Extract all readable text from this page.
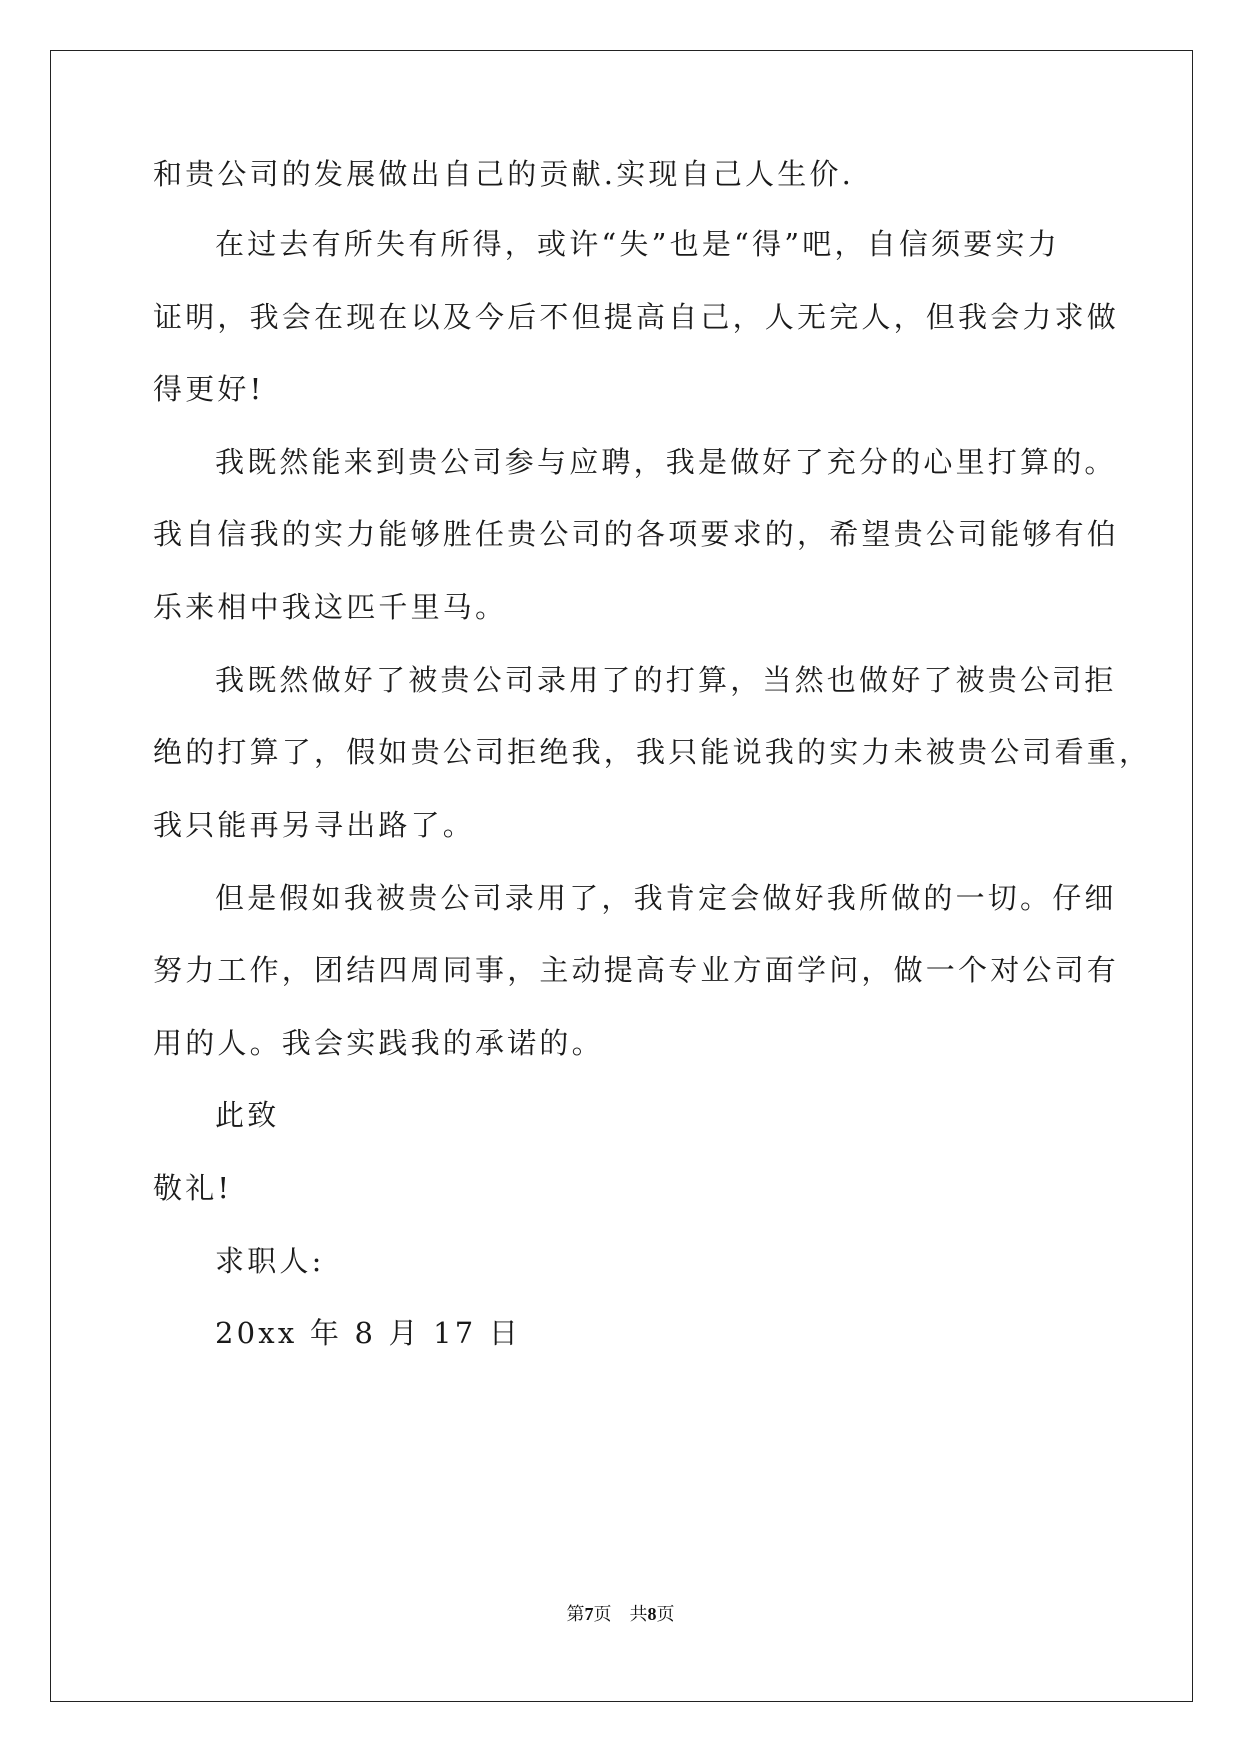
和贵公司的发展做出自己的贡献.实现自己人生价.
在过去有所失有所得，或许“失”也是“得”吧，自信须要实力
证明，我会在现在以及今后不但提高自己，人无完人，但我会力求做
得更好!
我既然能来到贵公司参与应聘，我是做好了充分的心里打算的。
我自信我的实力能够胜任贵公司的各项要求的，希望贵公司能够有伯
乐来相中我这匹千里马。
我既然做好了被贵公司录用了的打算，当然也做好了被贵公司拒
绝的打算了，假如贵公司拒绝我，我只能说我的实力未被贵公司看重，
我只能再另寻出路了。
但是假如我被贵公司录用了，我肯定会做好我所做的一切。仔细
努力工作，团结四周同事，主动提高专业方面学问，做一个对公司有
用的人。我会实践我的承诺的。
此致
敬礼!
求职人:
20xx 年 8 月 17 日
第7页 共8页
